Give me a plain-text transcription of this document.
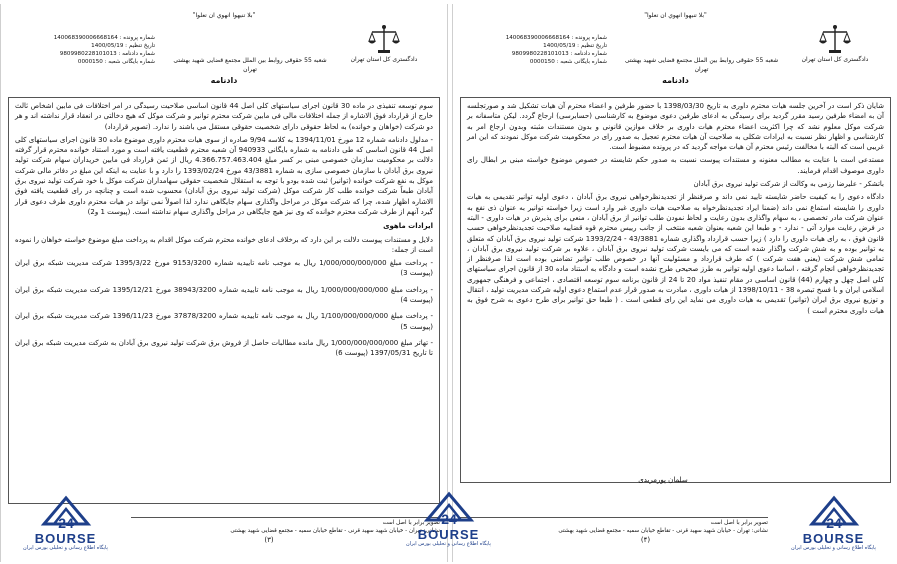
"بلا تنيهوا انهوي ان تعلوا"
شماره پرونده : 140068390006668164
تاریخ تنظیم : 1400/05/19
شماره دادنامه : 9809980228101013
شماره بایگانی شعبه : 0000150	شعبه 55 حقوقی روابط بین الملل مجتمع قضایی شهید بهشتی
تهران
دادگستری کل استان تهران
دادنامه

سوم توسعه تنفیذی در ماده 30 قانون اجرای سیاستهای کلی اصل 44 قانون اساسی صلاحیت رسیدگی در امر اختلافات فی مابین اشخاص ثالث خارج از قرارداد فوق الاشاره از جمله اختلافات مالی فی مابین شرکت محترم توانیر و شرکت موکل که هیچ دخالتی در انعقاد قرار نداشته اند و هر دو شرکت (خواهان و خوانده) به لحاظ حقوقی دارای شخصیت حقوقی مستقل می باشند را ندارد. (تصویر قرارداد)

- مدلول دادنامه شماره 12 مورخ 1394/11/01 به کلاسه 9/94 صادره از سوی هیات محترم داوری موضوع ماده 30 قانون اجرای سیاستهای کلی اصل 44 قانون اساسی که طی دادنامه به شماره بایگانی 940933 آن شعبه محترم قطعیت یافته است و مورد استناد خوانده محترم قرار گرفته دلالت بر محکومیت سازمان خصوصی مبنی بر کسر مبلغ 4.366.757.463.404 ریال از ثمن قرارداد فی مابین خریداران سهام شرکت تولید نیروی برق آبادان با سازمان خصوصی سازی به شماره 43/3881 مورخ 1393/02/24 را دارد و با عنایت به اینکه این مبلغ در دفاتر مالی شرکت موکل به نفع شرکت خوانده (توانیر) ثبت شده بودو با توجه به استقلال شخصیت حقوقی سهامداران شرکت موکل با خود شرکت تولید نیروی برق آبادان طبعاً شرکت خوانده طلب کار شرکت موکل (شرکت تولید نیروی برق آبادان) محسوب شده است و چنانچه در رای قطعیت یافته فوق الاشاره اظهار شده، چرا که شرکت موکل در مراحل واگذاری سهام جایگاهی ندارد لذا اصولاً نمی تواند در هیات محترم داوری طرف دعوی قرار گیرد آنهم از طرف شرکت محترم خوانده که وی نیز هیچ جایگاهی در مراحل واگذاری سهام نداشته است. (پیوست 1 و2)

ایرادات ماهوی

دلایل و مستندات پیوست دلالت بر این دارد که برخلاف ادعای خوانده محترم شرکت موکل اقدام به پرداخت مبلغ موضوع خواسته خواهان را نموده است از جمله:

- پرداخت مبلغ 1/000/000/000/000 ریال به موجب نامه تاییدیه شماره 9153/3200 مورخ 1395/3/22 شرکت مدیریت شبکه برق ایران (پیوست 3)
- پرداخت مبلغ 1/000/000/000/000 ریال به موجب نامه تاییدیه شماره 38943/3200 مورخ 1395/12/21 شرکت مدیریت شبکه برق ایران (پیوست 4)
- پرداخت مبلغ 1/100/000/000/000 ریال به موجب نامه تاییدیه شماره 37878/3200 مورخ 1396/11/23 شرکت مدیریت شبکه برق ایران (پیوست 5)
- تهاتر مبلغ 1/000/000/000/000 ریال مانده مطالبات حاصل از فروش برق شرکت تولید نیروی برق آبادان به شرکت مدیریت شبکه برق ایران تا تاریخ 1397/05/31 (پیوست 6)
24
BOURSE
پایگاه اطلاع رسانی و تحلیلی بورس ایران
تصویر برابر با اصل است
نشانی: تهران - خیابان شهید سهید قرنی - تقاطع خیابان سمیه - مجتمع قضایی شهید بهشتی
(۳)
"بلا تنيهوا انهوي ان تعلوا"
شماره پرونده : 140068390006668164
تاریخ تنظیم : 1400/05/19
شماره دادنامه : 9809980228101013
شماره بایگانی شعبه : 0000150	شعبه 55 حقوقی روابط بین الملل مجتمع قضایی شهید بهشتی
تهران
دادگستری کل استان تهران
دادنامه

شایان ذکر است در آخرین جلسه هیات محترم داوری به تاریخ 1398/03/30 با حضور طرفین و اعضاء محترم آن هیات تشکیل شد و صورتجلسه آن به امضاء طرفین رسید مقرر گردید برای رسیدگی به ادعای طرفین دعوی موضوع به کارشناسی (حسابرسی) ارجاع گردد. لیکن متاسفانه بر شرکت موکل معلوم نشد که چرا اکثریت اعضاء محترم هیات داوری بر خلاف موازین قانونی و بدون مستندات مثبته وبدون ارجاع امر به کارشناسی و اظهار نظر نسبت به ایرادات شکلی به صلاحیت آن هیات محترم تعجیل به صدور رای در محکومیت شرکت موکل نمودند که این امر غریبی است که البته با مخالفت رئیس محترم آن هیات مواجه گردید که در پرونده مضبوط است.

مستدعی است با عنایت به مطالب معنونه و مستندات پیوست نسبت به صدور حکم شایسته در خصوص موضوع خواسته مبنی بر ابطال رای داوری موصوف اقدام فرمایند.

باتشکر - علیرضا رزمی به وکالت از شرکت تولید نیروی برق آبادان

دادگاه دعوی را به کیفیت حاضر شایسته تایید نمی داند و صرفنظر از تجدیدنظرخواهی نیروی برق آبادان ، دعوی اولیه توانیر تقدیمی به هیات داوری را شایسته استماع نمی داند (ضمنا ایراد تجدیدنظرخواه به صلاحیت هیات داوری غیر وارد است زیرا خواسته توانیر به عنوان ذی نفع به عنوان شرکت مادر تخصصی ، به سهام واگذاری بدون رعایت و لحاظ نمودن طلب توانیر از برق آبادان ، منعی برای پذیرش در هیات داوری - البته در فرض رعایت موارد آتی - ندارد - و طبعا این شعبه بعنوان شعبه منتخب از جانب رییس محترم قوه قضاییه صلاحیت تجدیدنظرخواهی حسب قانون فوق ، به رای هیات داوری را دارد ) زیرا حسب قرارداد واگذاری شماره 43/3881 - 1393/2/24 شرکت تولید نیروی برق آبادان که متعلق به توانیر بوده و به شش شرکت واگذار شده است که می بایست شرکت تولید نیروی برق آبادان ، علاوه بر شرکت تولید نیروی برق آبادان ، تمامی شش شرکت (یعنی هفت شرکت ) که طرف قرارداد و مسئولیت آنها در خصوص طلب توانیر تضامنی بوده است لذا صرفنظر از تجدیدنظرخواهی انجام گرفته ، اساسا دعوی اولیه توانیر به طرز صحیحی طرح نشده است و دادگاه به استناد ماده 30 از قانون اجرای سیاستهای کلی اصل چهل و چهارم (44) قانون اساسی در مقام تنفیذ مواد 20 تا 24 از قانون برنامه سوم توسعه اقتصادی ، اجتماعی و فرهنگی جمهوری اسلامی ایران و با فسخ تبصره 38 - 1398/10/11 از هیات داوری ، مبادرت به صدور قرار عدم استماع دعوی اولیه شرکت مدیریت تولید ، انتقال و توزیع نیروی برق ایران (توانیر) تقدیمی به هیات داوری می نماید این رای قطعی است . ( طبعا حق توانیر برای طرح دعوی به شرح فوق به هیات داوری محترم است )

سلمان پورمریدی
تصویر برابر با اصل است
نشانی: تهران - خیابان شهید سهید قرنی - تقاطع خیابان سمیه - مجتمع قضایی شهید بهشتی
(۴)
24
BOURSE
پایگاه اطلاع رسانی و تحلیلی بورس ایران
24
BOURSE
پایگاه اطلاع رسانی و تحلیلی بورس ایران
